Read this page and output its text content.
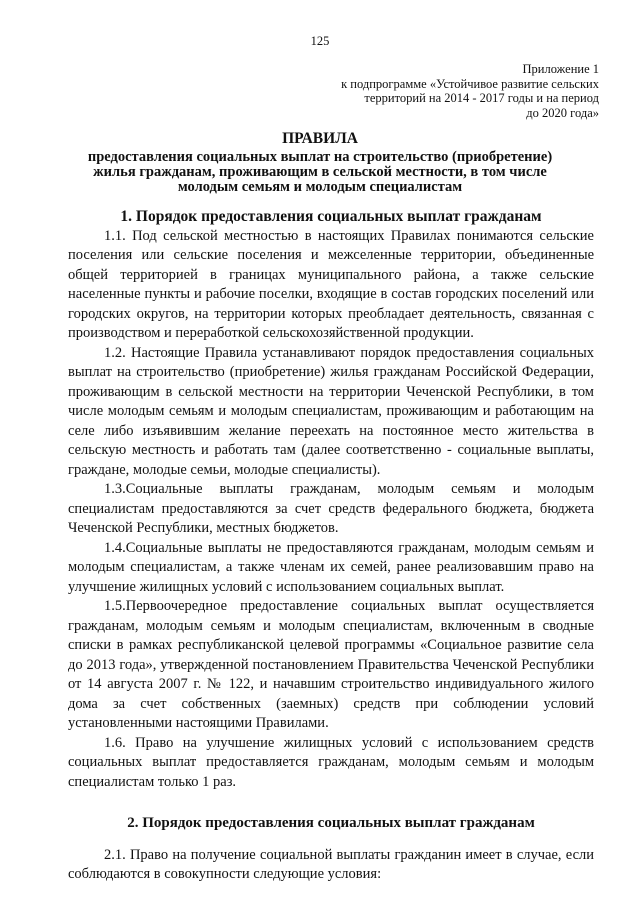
125
Приложение 1
к подпрограмме «Устойчивое развитие сельских
территорий на 2014 - 2017 годы и на период
до 2020 года»
ПРАВИЛА
предоставления социальных выплат на строительство (приобретение)
жилья гражданам, проживающим в сельской местности, в том числе
молодым семьям и молодым специалистам
1. Порядок предоставления социальных выплат гражданам

1.1. Под сельской местностью в настоящих Правилах понимаются сельские поселения или сельские поселения и межселенные территории, объединенные общей территорией в границах муниципального района, а также сельские населенные пункты и рабочие поселки, входящие в состав городских поселений или городских округов, на территории которых преобладает деятельность, связанная с производством и переработкой сельскохозяйственной продукции.

1.2. Настоящие Правила устанавливают порядок предоставления социальных выплат на строительство (приобретение) жилья гражданам Российской Федерации, проживающим в сельской местности на территории Чеченской Республики, в том числе молодым семьям и молодым специалистам, проживающим и работающим на селе либо изъявившим желание переехать на постоянное место жительства в сельскую местность и работать там (далее соответственно - социальные выплаты, граждане, молодые семьи, молодые специалисты).

1.3.Социальные выплаты гражданам, молодым семьям и молодым специалистам предоставляются за счет средств федерального бюджета, бюджета Чеченской Республики, местных бюджетов.

1.4.Социальные выплаты не предоставляются гражданам, молодым семьям и молодым специалистам, а также членам их семей, ранее реализовавшим право на улучшение жилищных условий с использованием социальных выплат.

1.5.Первоочередное предоставление социальных выплат осуществляется гражданам, молодым семьям и молодым специалистам, включенным в сводные списки в рамках республиканской целевой программы «Социальное развитие села до 2013 года», утвержденной постановлением Правительства Чеченской Республики от 14 августа 2007 г. № 122, и начавшим строительство индивидуального жилого дома за счет собственных (заемных) средств при соблюдении условий установленными настоящими Правилами.

1.6. Право на улучшение жилищных условий с использованием средств социальных выплат предоставляется гражданам, молодым семьям и молодым специалистам только 1 раз.

2. Порядок предоставления социальных выплат гражданам

2.1. Право на получение социальной выплаты гражданин имеет в случае, если соблюдаются в совокупности следующие условия:
